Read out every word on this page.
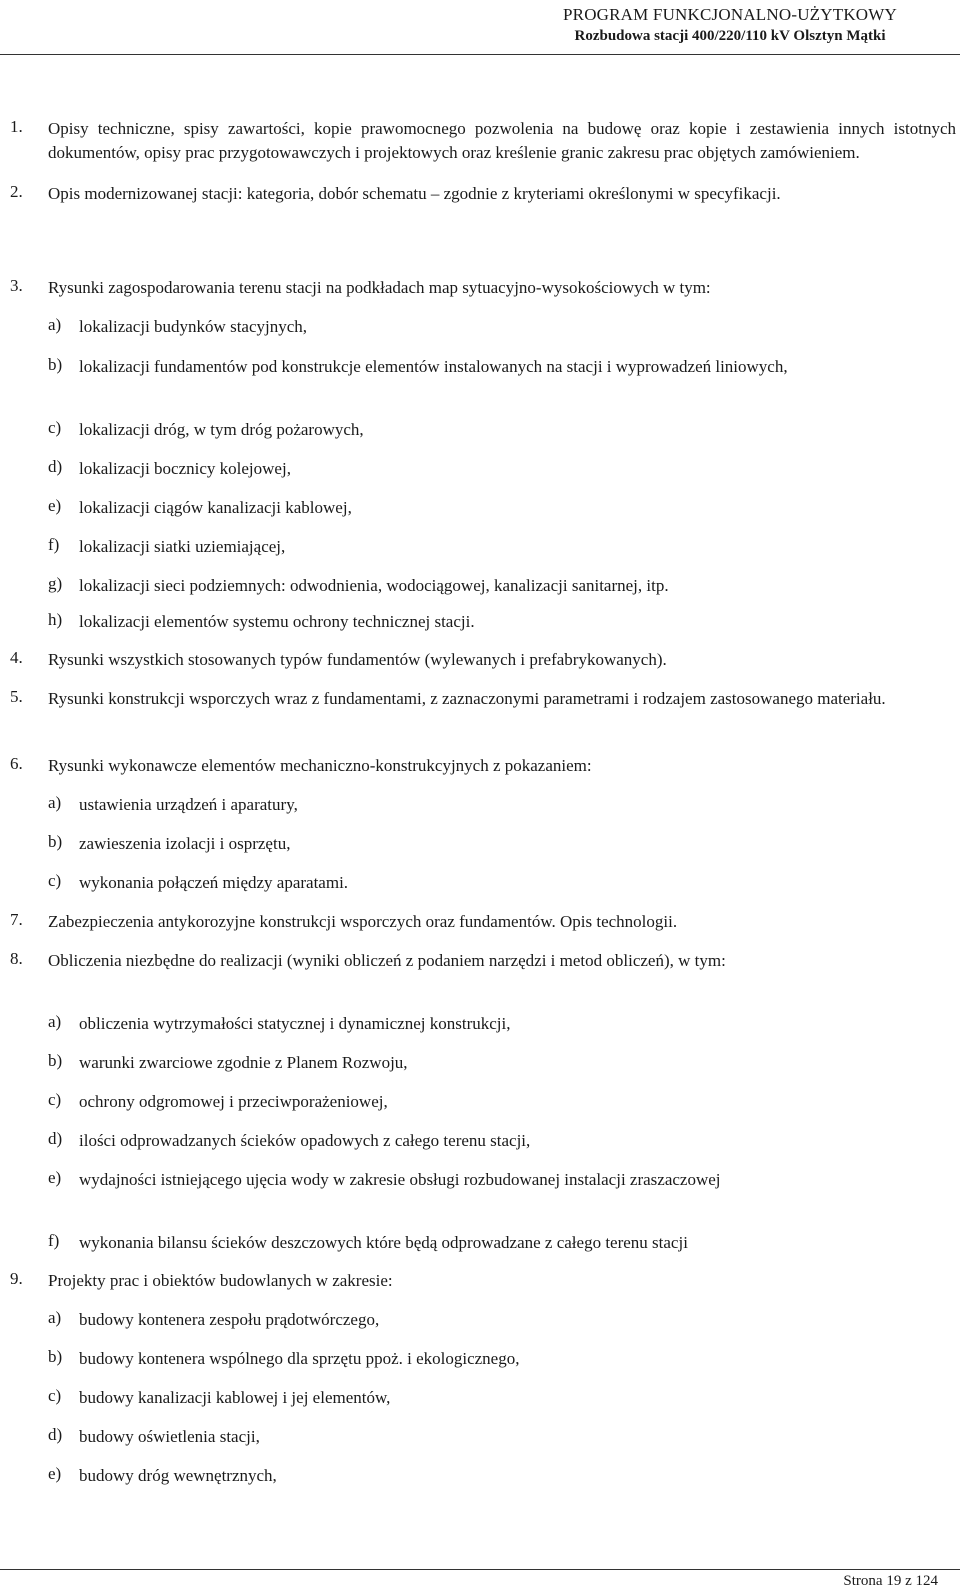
PROGRAM FUNKCJONALNO-UŻYTKOWY
Rozbudowa stacji 400/220/110 kV Olsztyn Mątki
1. Opisy techniczne, spisy zawartości, kopie prawomocnego pozwolenia na budowę oraz kopie i zestawienia innych istotnych dokumentów, opisy prac przygotowawczych i projektowych oraz kreślenie granic zakresu prac objętych zamówieniem.
2. Opis modernizowanej stacji: kategoria, dobór schematu – zgodnie z kryteriami określonymi w specyfikacji.
3. Rysunki zagospodarowania terenu stacji na podkładach map sytuacyjno-wysokościowych w tym:
a) lokalizacji budynków stacyjnych,
b) lokalizacji fundamentów pod konstrukcje elementów instalowanych na stacji i wyprowadzeń liniowych,
c) lokalizacji dróg, w tym dróg pożarowych,
d) lokalizacji bocznicy kolejowej,
e) lokalizacji ciągów kanalizacji kablowej,
f) lokalizacji siatki uziemiającej,
g) lokalizacji sieci podziemnych: odwodnienia, wodociągowej, kanalizacji sanitarnej, itp.
h) lokalizacji elementów systemu ochrony technicznej stacji.
4. Rysunki wszystkich stosowanych typów fundamentów (wylewanych i prefabrykowanych).
5. Rysunki konstrukcji wsporczych wraz z fundamentami, z zaznaczonymi parametrami i rodzajem zastosowanego materiału.
6. Rysunki wykonawcze elementów mechaniczno-konstrukcyjnych z pokazaniem:
a) ustawienia urządzeń i aparatury,
b) zawieszenia izolacji i osprzętu,
c) wykonania połączeń między aparatami.
7. Zabezpieczenia antykorozyjne konstrukcji wsporczych oraz fundamentów. Opis technologii.
8. Obliczenia niezbędne do realizacji (wyniki obliczeń z podaniem narzędzi i metod obliczeń), w tym:
a) obliczenia wytrzymałości statycznej i dynamicznej konstrukcji,
b) warunki zwarciowe zgodnie z Planem Rozwoju,
c) ochrony odgromowej i przeciwporażeniowej,
d) ilości odprowadzanych ścieków opadowych z całego terenu stacji,
e) wydajności istniejącego ujęcia wody w zakresie obsługi rozbudowanej instalacji zraszaczowej
f) wykonania bilansu ścieków deszczowych które będą odprowadzane z całego terenu stacji
9. Projekty prac i obiektów budowlanych w zakresie:
a) budowy kontenera zespołu prądotwórczego,
b) budowy kontenera wspólnego dla sprzętu ppoż. i ekologicznego,
c) budowy kanalizacji kablowej i jej elementów,
d) budowy oświetlenia stacji,
e) budowy dróg wewnętrznych,
Strona 19 z 124
